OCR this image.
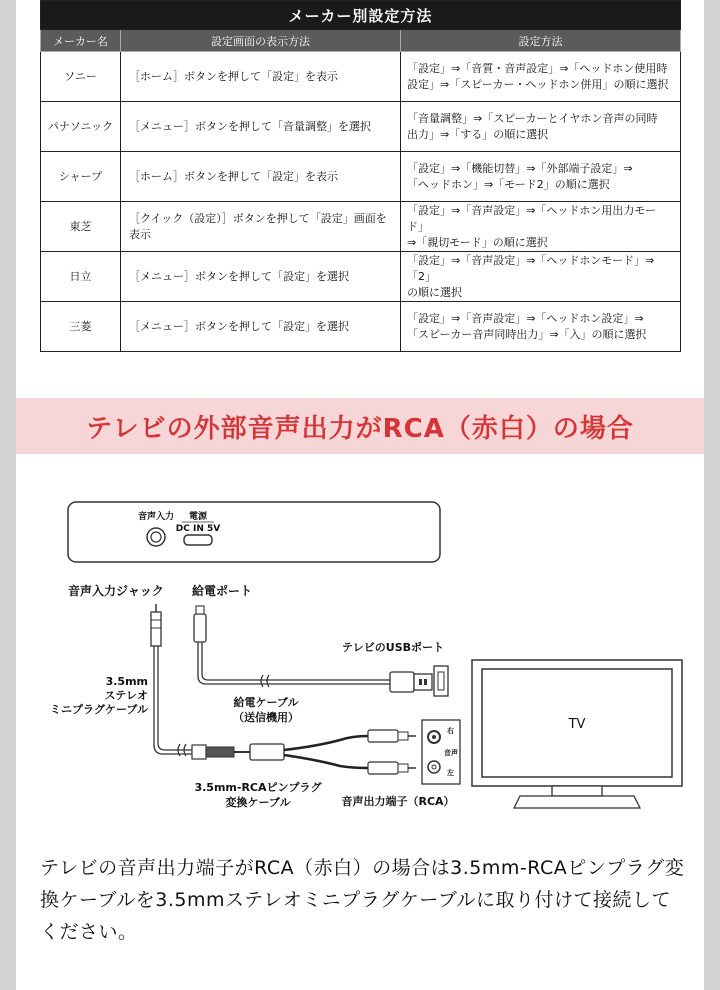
メーカー別設定方法		
メーカー名	設定画面の表示方法	設定方法
ソニー	［ホーム］ボタンを押して「設定」を表示	「設定」⇒「音質・音声設定」⇒「ヘッドホン使用時
設定」⇒「スピーカー・ヘッドホン併用」の順に選択
パナソニック	［メニュー］ボタンを押して「音量調整」を選択	「音量調整」⇒「スピーカーとイヤホン音声の同時
出力」⇒「する」の順に選択
シャープ	［ホーム］ボタンを押して「設定」を表示	「設定」⇒「機能切替」⇒「外部端子設定」⇒
「ヘッドホン」⇒「モード2」の順に選択
東芝	［クイック（設定）］ボタンを押して「設定」画面を表示	「設定」⇒「音声設定」⇒「ヘッドホン用出力モード」
⇒「親切モード」の順に選択
日立	［メニュー］ボタンを押して「設定」を選択	「設定」⇒「音声設定」⇒「ヘッドホンモード」⇒「2」
の順に選択
三菱	［メニュー］ボタンを押して「設定」を選択	「設定」⇒「音声設定」⇒「ヘッドホン設定」⇒
「スピーカー音声同時出力」⇒「入」の順に選択
テレビの外部音声出力がRCA（赤白）の場合
音声入力 電源
DC IN 5V
音声入力ジャック 給電ポート
テレビのUSBポート
3.5mm
ステレオ
ミニプラグケーブル
給電ケーブル
（送信機用）
右
音声
左
3.5mm-RCAピンプラグ
変換ケーブル	音声出力端子（RCA）
TV
テレビの音声出力端子がRCA（赤白）の場合は3.5mm-RCAピンプラグ変換ケーブルを3.5mmステレオミニプラグケーブルに取り付けて接続してください。
